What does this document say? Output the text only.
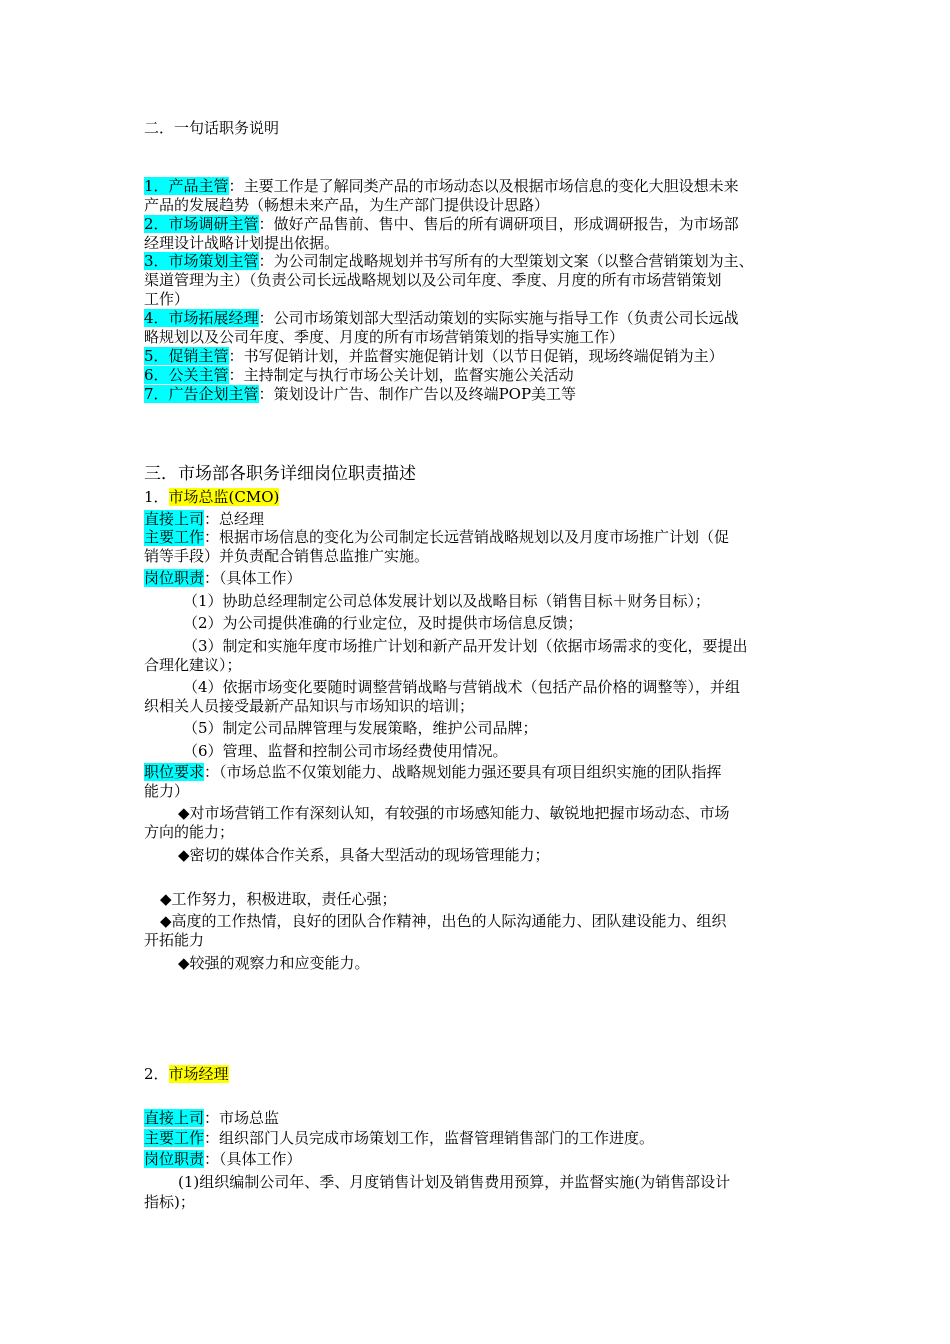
二．一句话职务说明
1．产品主管：主要工作是了解同类产品的市场动态以及根据市场信息的变化大胆设想未来
产品的发展趋势（畅想未来产品，为生产部门提供设计思路）
2．市场调研主管：做好产品售前、售中、售后的所有调研项目，形成调研报告，为市场部
经理设计战略计划提出依据。
3．市场策划主管：为公司制定战略规划并书写所有的大型策划文案（以整合营销策划为主、
渠道管理为主）（负责公司长远战略规划以及公司年度、季度、月度的所有市场营销策划
工作）
4．市场拓展经理：公司市场策划部大型活动策划的实际实施与指导工作（负责公司长远战
略规划以及公司年度、季度、月度的所有市场营销策划的指导实施工作）
5．促销主管：书写促销计划，并监督实施促销计划（以节日促销，现场终端促销为主）
6．公关主管：主持制定与执行市场公关计划，监督实施公关活动
7．广告企划主管：策划设计广告、制作广告以及终端POP美工等
三．市场部各职务详细岗位职责描述
1．市场总监(CMO)
直接上司：总经理
主要工作：根据市场信息的变化为公司制定长远营销战略规划以及月度市场推广计划（促
销等手段）并负责配合销售总监推广实施。
岗位职责：（具体工作）
（1）协助总经理制定公司总体发展计划以及战略目标（销售目标＋财务目标）；
（2）为公司提供准确的行业定位，及时提供市场信息反馈；
（3）制定和实施年度市场推广计划和新产品开发计划（依据市场需求的变化，要提出
合理化建议）；
（4）依据市场变化要随时调整营销战略与营销战术（包括产品价格的调整等），并组
织相关人员接受最新产品知识与市场知识的培训；
（5）制定公司品牌管理与发展策略，维护公司品牌；
（6）管理、监督和控制公司市场经费使用情况。
职位要求：（市场总监不仅策划能力、战略规划能力强还要具有项目组织实施的团队指挥
能力）
◆对市场营销工作有深刻认知，有较强的市场感知能力、敏锐地把握市场动态、市场
方向的能力；
◆密切的媒体合作关系，具备大型活动的现场管理能力；
◆工作努力，积极进取，责任心强；
◆高度的工作热情，良好的团队合作精神，出色的人际沟通能力、团队建设能力、组织
开拓能力
◆较强的观察力和应变能力。
2．市场经理
直接上司：市场总监
主要工作：组织部门人员完成市场策划工作，监督管理销售部门的工作进度。
岗位职责：（具体工作）
(1)组织编制公司年、季、月度销售计划及销售费用预算，并监督实施(为销售部设计
指标)；
